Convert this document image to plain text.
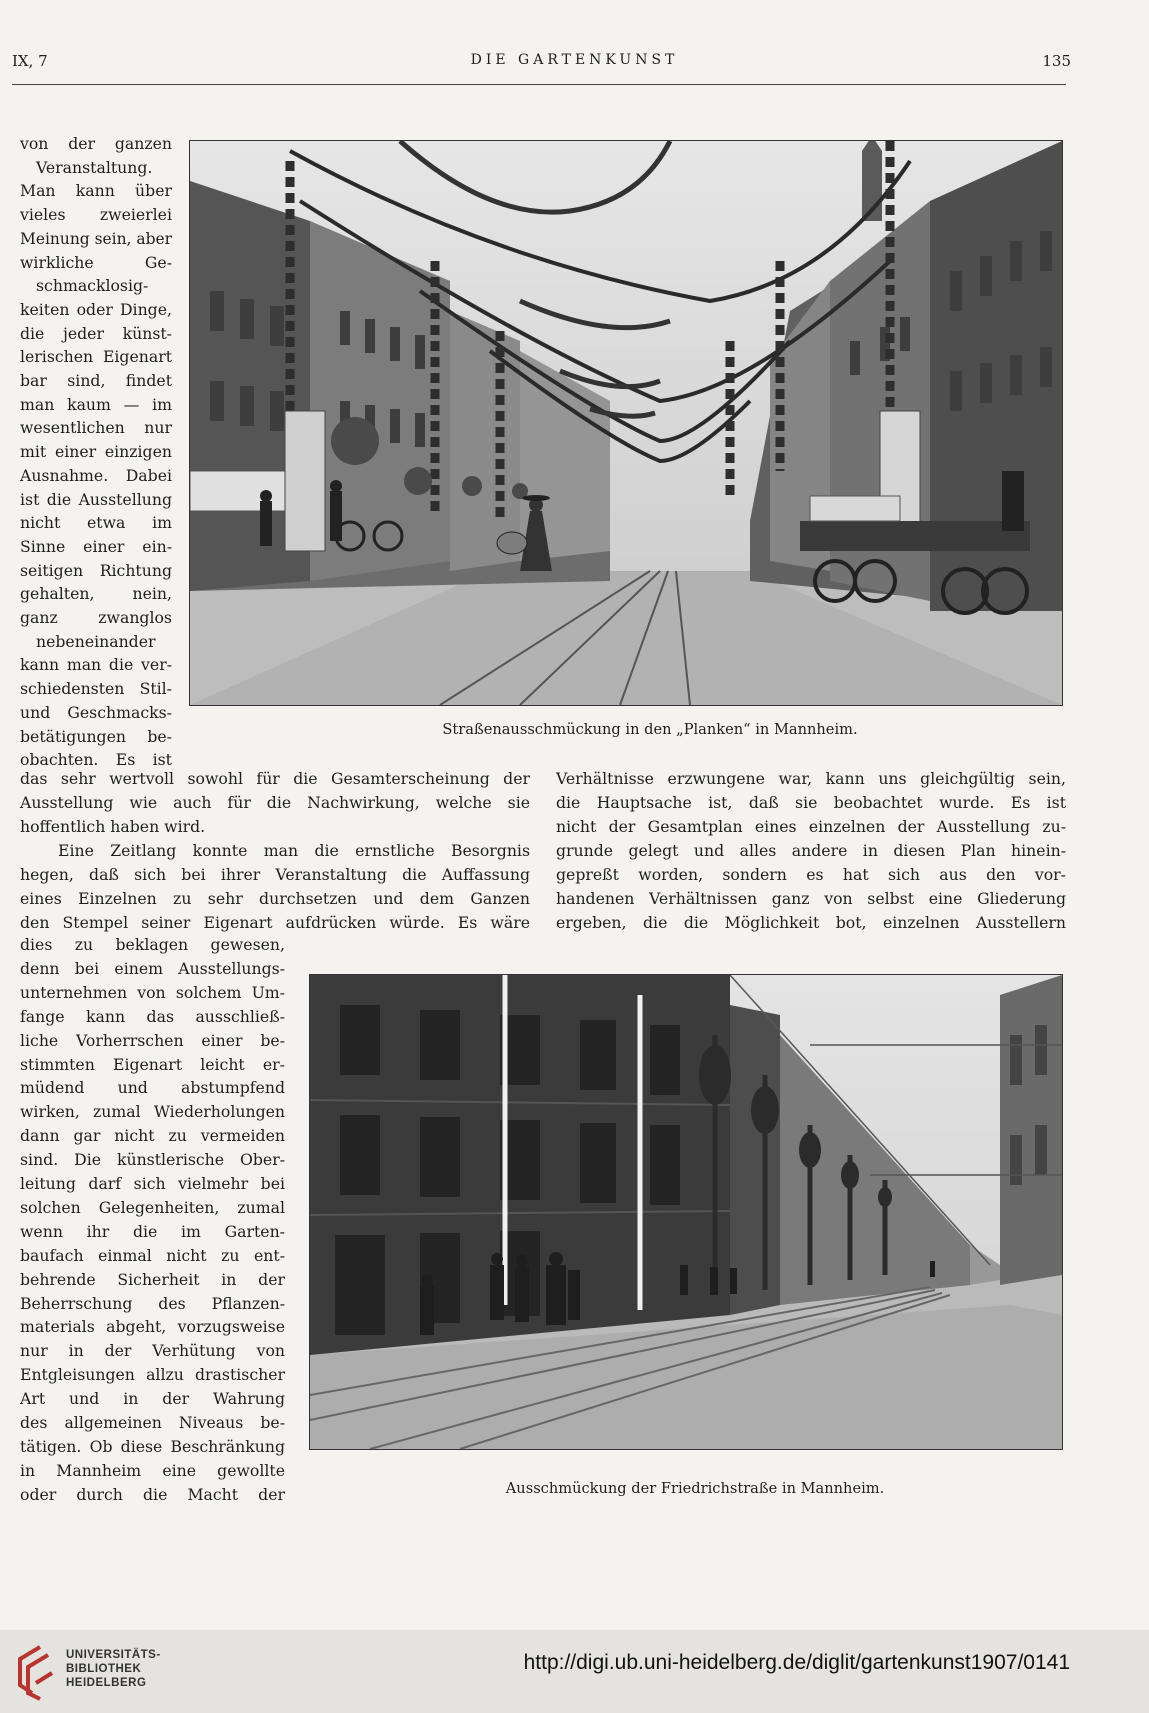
IX, 7	DIE GARTENKUNST	135
von der ganzen
Veranstaltung.
Man kann über
vieles zweierlei
Meinung sein, aber
wirkliche Ge-
schmacklosig-
keiten oder Dinge,
die jeder künst-
lerischen Eigenart
bar sind, findet
man kaum — im
wesentlichen nur
mit einer einzigen
Ausnahme. Dabei
ist die Ausstellung
nicht etwa im
Sinne einer ein-
seitigen Richtung
gehalten, nein,
ganz zwanglos
nebeneinander
kann man die ver-
schiedensten Stil-
und Geschmacks-
betätigungen be-
obachten. Es ist
Straßenausschmückung in den „Planken“ in Mannheim.
das sehr wertvoll sowohl für die Gesamterscheinung der
Ausstellung wie auch für die Nachwirkung, welche sie
hoffentlich haben wird.
Eine Zeitlang konnte man die ernstliche Besorgnis
hegen, daß sich bei ihrer Veranstaltung die Auffassung
eines Einzelnen zu sehr durchsetzen und dem Ganzen
den Stempel seiner Eigenart aufdrücken würde. Es wäre
Verhältnisse erzwungene war, kann uns gleichgültig sein,
die Hauptsache ist, daß sie beobachtet wurde. Es ist
nicht der Gesamtplan eines einzelnen der Ausstellung zu-
grunde gelegt und alles andere in diesen Plan hinein-
gepreßt worden, sondern es hat sich aus den vor-
handenen Verhältnissen ganz von selbst eine Gliederung
ergeben, die die Möglichkeit bot, einzelnen Ausstellern
dies zu beklagen gewesen,
denn bei einem Ausstellungs-
unternehmen von solchem Um-
fange kann das ausschließ-
liche Vorherrschen einer be-
stimmten Eigenart leicht er-
müdend und abstumpfend
wirken, zumal Wiederholungen
dann gar nicht zu vermeiden
sind. Die künstlerische Ober-
leitung darf sich vielmehr bei
solchen Gelegenheiten, zumal
wenn ihr die im Garten-
baufach einmal nicht zu ent-
behrende Sicherheit in der
Beherrschung des Pflanzen-
materials abgeht, vorzugsweise
nur in der Verhütung von
Entgleisungen allzu drastischer
Art und in der Wahrung
des allgemeinen Niveaus be-
tätigen. Ob diese Beschränkung
in Mannheim eine gewollte
oder durch die Macht der	Ausschmückung der Friedrichstraße in Mannheim.
UNIVERSITÄTS-
BIBLIOTHEK
HEIDELBERG
http://digi.ub.uni-heidelberg.de/diglit/gartenkunst1907/0141
